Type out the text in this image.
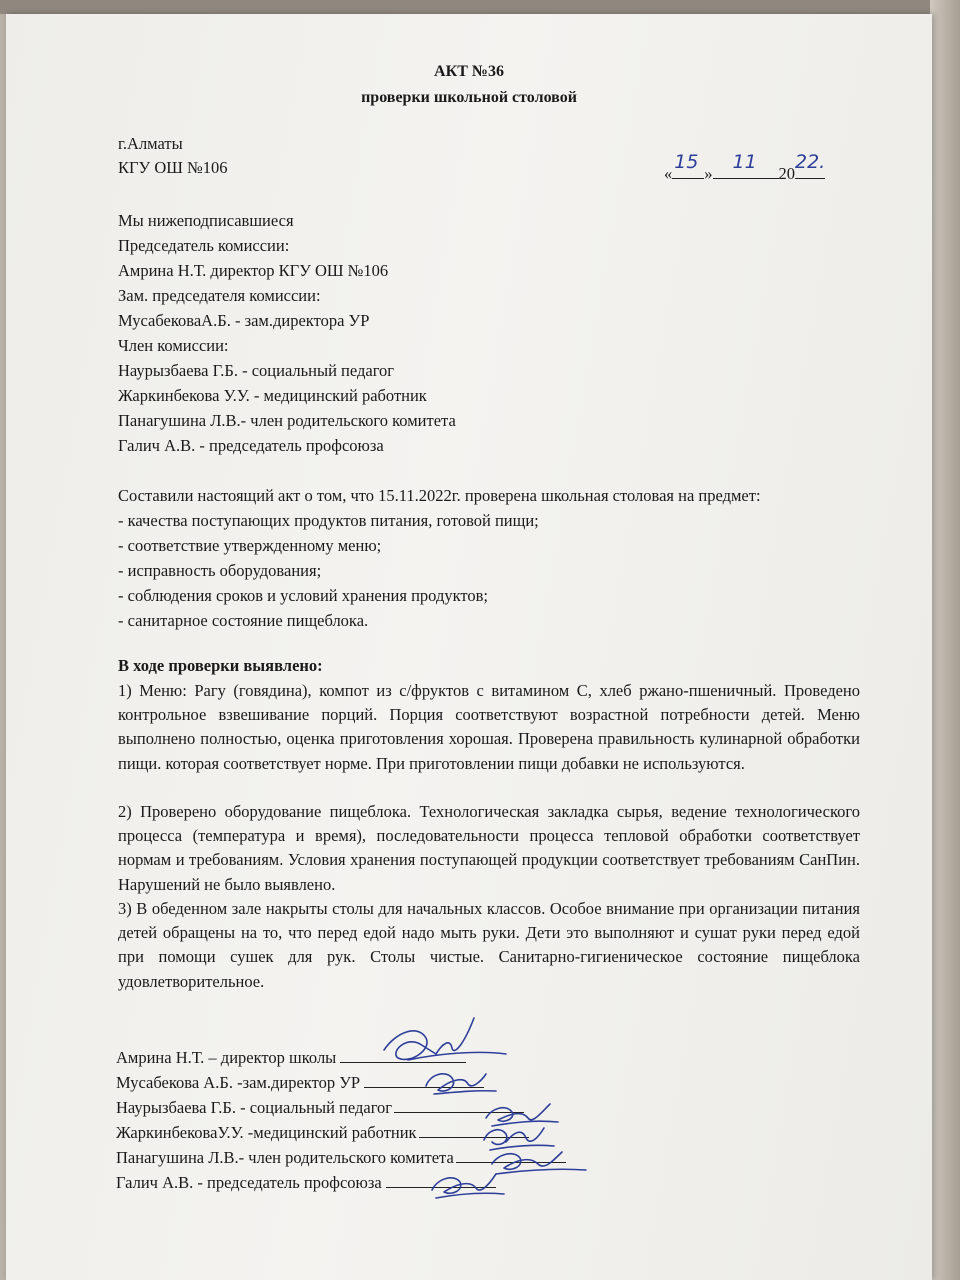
АКТ №36
проверки школьной столовой
г.Алматы
КГУ ОШ №106	«
15
»
11
20
22.
Мы нижеподписавшиеся
Председатель комиссии:
Амрина Н.Т. директор КГУ ОШ №106
Зам. председателя комиссии:
МусабековаА.Б. - зам.директора УР
Член комиссии:
Наурызбаева Г.Б. - социальный педагог
Жаркинбекова У.У. - медицинский работник
Панагушина Л.В.- член родительского комитета
Галич А.В. - председатель профсоюза
Составили настоящий акт о том, что 15.11.2022г. проверена школьная столовая на предмет:
- качества поступающих продуктов питания, готовой пищи;
- соответствие утвержденному меню;
- исправность оборудования;
- соблюдения сроков и условий хранения продуктов;
- санитарное состояние пищеблока.
В ходе проверки выявлено:
1) Меню: Рагу (говядина), компот из с/фруктов с витамином С, хлеб ржано-пшеничный. Проведено контрольное взвешивание порций. Порция соответствуют возрастной потребности детей. Меню выполнено полностью, оценка приготовления хорошая. Проверена правильность кулинарной обработки пищи. которая соответствует норме. При приготовлении пищи добавки не используются.
2) Проверено оборудование пищеблока. Технологическая закладка сырья, ведение технологического процесса (температура и время), последовательности процесса тепловой обработки соответствует нормам и требованиям. Условия хранения поступающей продукции соответствует требованиям СанПин. Нарушений не было выявлено.
3) В обеденном зале накрыты столы для начальных классов. Особое внимание при организации питания детей обращены на то, что перед едой надо мыть руки. Дети это выполняют и сушат руки перед едой при помощи сушек для рук. Столы чистые. Санитарно-гигиеническое состояние пищеблока удовлетворительное.
Амрина Н.Т. – директор школы
Мусабекова А.Б. -зам.директор УР
Наурызбаева Г.Б. - социальный педагог
ЖаркинбековаУ.У. -медицинский работник
Панагушина Л.В.- член родительского комитета
Галич А.В. - председатель профсоюза
